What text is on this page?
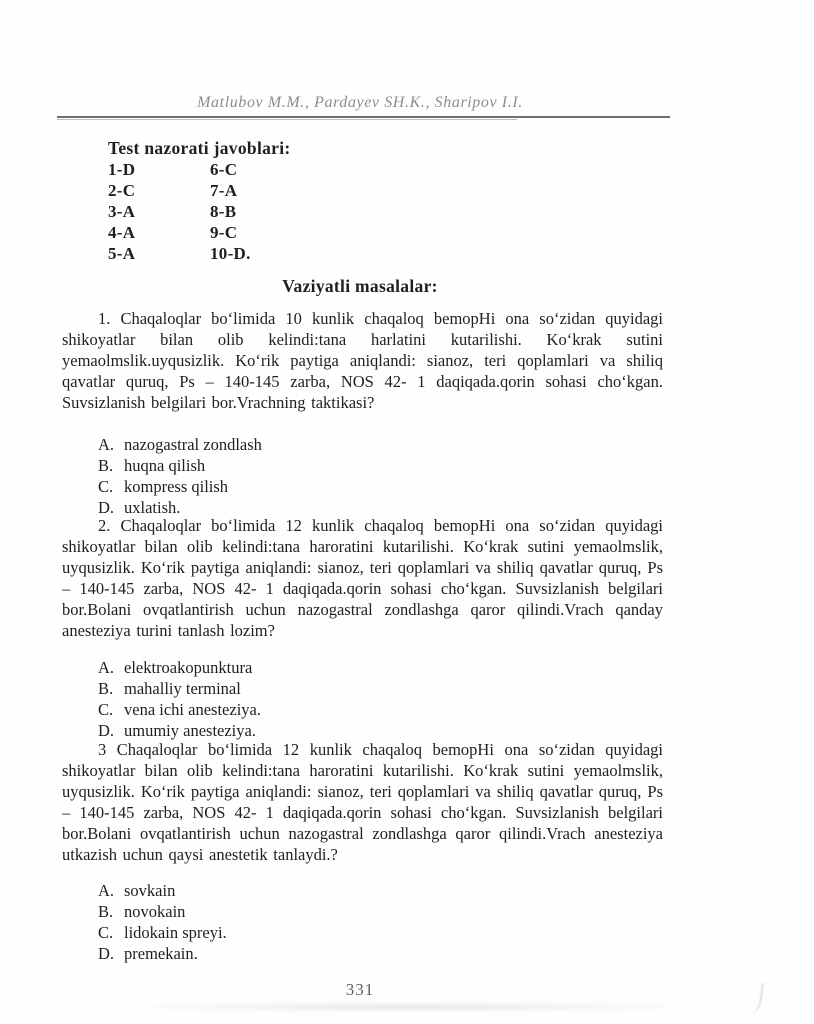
Matlubov M.M., Pardayev SH.K., Sharipov I.I.
Test nazorati javoblari:
1-D	6-C
2-C	7-A
3-A	8-B
4-A	9-C
5-A	10-D.
Vaziyatli masalalar:

1. Chaqaloqlar bo‘limida 10 kunlik chaqaloq bemopHi ona so‘zidan quyidagi shikoyatlar bilan olib kelindi:tana harlatini kutarilishi. Ko‘krak sutini yemaolmslik.uyqusizlik. Ko‘rik paytiga aniqlandi: sianoz, teri qoplamlari va shiliq qavatlar quruq, Ps – 140-145 zarba, NOS 42- 1 daqiqada.qorin sohasi cho‘kgan. Suvsizlanish belgilari bor.Vrachning taktikasi?

A. nazogastral zondlash
B. huqna qilish
C. kompress qilish
D. uxlatish.

2. Chaqaloqlar bo‘limida 12 kunlik chaqaloq bemopHi ona so‘zidan quyidagi shikoyatlar bilan olib kelindi:tana haroratini kutarilishi. Ko‘krak sutini yemaolmslik, uyqusizlik. Ko‘rik paytiga aniqlandi: sianoz, teri qoplamlari va shiliq qavatlar quruq, Ps – 140-145 zarba, NOS 42- 1 daqiqada.qorin sohasi cho‘kgan. Suvsizlanish belgilari bor.Bolani ovqatlantirish uchun nazogastral zondlashga qaror qilindi.Vrach qanday anesteziya turini tanlash lozim?

A. elektroakopunktura
B. mahalliy terminal
C. vena ichi anesteziya.
D. umumiy anesteziya.

3 Chaqaloqlar bo‘limida 12 kunlik chaqaloq bemopHi ona so‘zidan quyidagi shikoyatlar bilan olib kelindi:tana haroratini kutarilishi. Ko‘krak sutini yemaolmslik, uyqusizlik. Ko‘rik paytiga aniqlandi: sianoz, teri qoplamlari va shiliq qavatlar quruq, Ps – 140-145 zarba, NOS 42- 1 daqiqada.qorin sohasi cho‘kgan. Suvsizlanish belgilari bor.Bolani ovqatlantirish uchun nazogastral zondlashga qaror qilindi.Vrach anesteziya utkazish uchun qaysi anestetik tanlaydi.?

A. sovkain
B. novokain
C. lidokain spreyi.
D. premekain.
331
